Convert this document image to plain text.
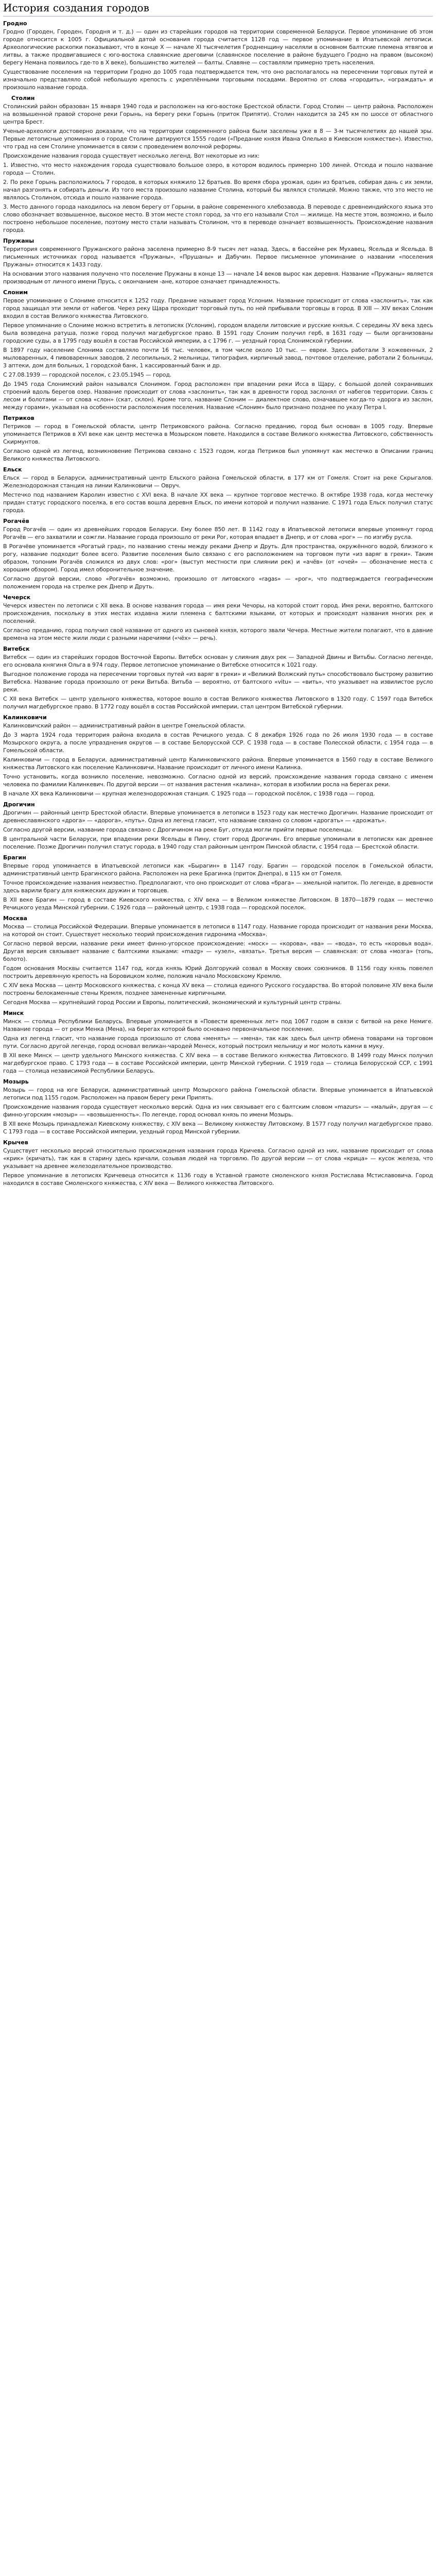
История создания городов
Гродно

Гродно (Городен, Городен, Городня и т. д.) — один из старейших городов на территории современной Беларуси. Первое упоминание об этом городе относится к 1005 г. Официальной датой основания города считается 1128 год — первое упоминание в Ипатьевской летописи. Археологические раскопки показывают, что в конце X — начале XI тысячелетия Гродненщину населяли в основном балтские племена ятвягов и литвы, а также продвигавшиеся с юго-востока славянские дреговичи (славянское поселение в районе будущего Гродно на правом (высоком) берегу Немана появилось где-то в X веке), большинство жителей — балты. Славяне — составляли примерно треть населения.

Существование поселения на территории Гродно до 1005 года подтверждается тем, что оно располагалось на пересечении торговых путей и изначально представляло собой небольшую крепость с укреплёнными торговыми посадами. Вероятно от слова «городить», «ограждать» и произошло название города.

Столин

Столинский район образован 15 января 1940 года и расположен на юго-востоке Брестской области. Город Столин — центр района. Расположен на возвышенной правой стороне реки Горынь, на берегу реки Горынь (приток Припяти). Столин находится за 245 км по шоссе от областного центра Брест.

Ученые-археологи достоверно доказали, что на территории современного района были заселены уже в 8 — 3-м тысячелетиях до нашей эры. Первые летописные упоминания о городе Столине датируются 1555 годом («Предание князя Ивана Олелько в Киевском княжестве»). Известно, что град на сем Столине упоминается в связи с проведением волочной реформы.

Происхождение названия города существует несколько легенд. Вот некоторые из них:

1. Известно, что место нахождения города существовало большое озеро, в котором водилось примерно 100 линей. Отсюда и пошло название города — Столин.

2. По реке Горынь расположилось 7 городов, в которых княжило 12 братьев. Во время сбора урожая, один из братьев, собирая дань с их земли, начал разгонять и собирать деньги. Из того места произошло название Столина, который бы являлся столицей. Можно также, что это место не являлось Столином, отсюда и пошло название города.

3. Место данного города находилось на левом берегу от Горыни, в районе современного хлебозавода. В переводе с древнеиндийского языка это слово обозначает возвышенное, высокое место. В этом месте стоял город, за что его называли Стол — жилище. На месте этом, возможно, и было построено небольшое поселение, поэтому место стали называть Столином, что в переводе означает возвышенность. Происхождение названия города.

Пружаны

Территория современного Пружанского района заселена примерно 8-9 тысяч лет назад. Здесь, в бассейне рек Мухавец, Ясельда и Ясельда. В письменных источниках город называется «Пружаны», «Прушаны» и Дабучин. Первое письменное упоминание о названии «поселения Пружаны» относится к 1433 году.

На основании этого названия получено что поселение Пружаны в конце 13 — начале 14 веков вырос как деревня. Название «Пружаны» является производным от личного имени Прусь, с окончанием -ане, которое означает принадлежность.

Слоним

Первое упоминание о Слониме относится к 1252 году. Предание называет город Услоним. Название происходит от слова «заслонить», так как город защищал эти земли от набегов. Через реку Щара проходит торговый путь, по ней прибывали торговцы в город. В XIII — XIV веках Слоним входил в состав Великого княжества Литовского.

Первое упоминание о Слониме можно встретить в летописях (Услоним), городом владели литовские и русские князья. С середины XV века здесь была возведена ратуша, позже город получил магдебургское право. В 1591 году Слоним получил герб, в 1631 году — были организованы городские суды, а в 1795 году вошёл в состав Российской империи, а с 1796 г. — уездный город Слонимской губернии.

В 1897 году население Слонима составляло почти 16 тыс. человек, в том числе около 10 тыс. — евреи. Здесь работали 3 кожевенных, 2 мыловаренных, 4 пивоваренных заводов, 2 лесопильных, 2 мельницы, типография, кирпичный завод, почтовое отделение, работали 2 больницы, 3 аптеки, дом для больных, 1 городской банк, 1 кассированный банк и др.

С 27.08.1939 — городской поселок, с 23.05.1945 — город.

До 1945 года Слонимский район назывался Слонимом. Город расположен при впадении реки Исса в Щару, с большой долей сохранивших строений вдоль берегов озер. Название происходит от слова «заслонить», так как в древности город заслонял от набегов территории. Связь с лесом и болотами — от слова «слон» (скат, склон). Кроме того, название Слоним — диалектное слово, означавшее когда-то «дорога из заслон, между горами», указывая на особенности расположения поселения. Название «Слоним» было признано позднее по указу Петра I.

Петриков

Петриков — город в Гомельской области, центр Петриковского района. Согласно преданию, город был основан в 1005 году. Впервые упоминается Петриков в XVI веке как центр местечка в Мозырском повете. Находился в составе Великого княжества Литовского, собственность Скирмунтов.

Согласно одной из легенд, возникновение Петрикова связано с 1523 годом, когда Петриков был упомянут как местечко в Описании границ Великого княжества Литовского.

Ельск

Ельск — город в Беларуси, административный центр Ельского района Гомельской области, в 177 км от Гомеля. Стоит на реке Скрыгалов. Железнодорожная станция на линии Калинковичи — Овруч.

Местечко под названием Каролин известно с XVI века. В начале XX века — крупное торговое местечко. В октябре 1938 года, когда местечку придан статус городского поселка, в его состав вошла деревня Ельск, по имени которой и получил название. С 1971 года Ельск получил статус города.

Рогачёв

Город Рогачёв — один из древнейших городов Беларуси. Ему более 850 лет. В 1142 году в Ипатьевской летописи впервые упомянут город Рогачёв — его захватили и сожгли. Название города произошло от реки Рог, которая впадает в Днепр, и от слова «рог» — по изгибу русла.

В Рогачёве упоминается «Рогатый град», по названию стены между реками Днепр и Друть. Для пространства, окружённого водой, близкого к рогу, название подходит более всего. Развитие поселения было связано с его расположением на торговом пути «из варяг в греки». Таким образом, топоним Рогачёв сложился из двух слов: «рог» (выступ местности при слиянии рек) и «ачёв» (от «очей» — обозначение места с хорошим обзором). Город имел оборонительное значение.

Согласно другой версии, слово «Рогачёв» возможно, произошло от литовского «ragas» — «рог», что подтверждается географическим положением города на стрелке рек Днепр и Друть.

Чечерск

Чечерск известен по летописи с XII века. В основе названия города — имя реки Чечоры, на которой стоит город. Имя реки, вероятно, балтского происхождения, поскольку в этих местах издавна жили племена с балтскими языками, от которых и происходят названия многих рек и поселений.

Согласно преданию, город получил своё название от одного из сыновей князя, которого звали Чечера. Местные жители полагают, что в давние времена на этом месте жили люди с разными наречиями («чёх» — речь).

Витебск

Витебск — один из старейших городов Восточной Европы. Витебск основан у слияния двух рек — Западной Двины и Витьбы. Согласно легенде, его основала княгиня Ольга в 974 году. Первое летописное упоминание о Витебске относится к 1021 году.

Выгодное положение города на пересечении торговых путей «из варяг в греки» и «Великий Волжский путь» способствовало быстрому развитию Витебска. Название города произошло от реки Витьба. Витьба — вероятно, от балтского «vitu» — «вить», что указывает на извилистое русло реки.

С XII века Витебск — центр удельного княжества, которое вошло в состав Великого княжества Литовского в 1320 году. С 1597 года Витебск получил магдебургское право. В 1772 году вошёл в состав Российской империи, стал центром Витебской губернии.

Калинковичи

Калинковичский район — административный район в центре Гомельской области.

До 3 марта 1924 года территория района входила в состав Речицкого уезда. С 8 декабря 1926 года по 26 июля 1930 года — в составе Мозырского округа, а после упразднения округов — в составе Белорусской ССР. С 1938 года — в составе Полесской области, с 1954 года — в Гомельской области.

Калинковичи — город в Беларуси, административный центр Калинковичского района. Впервые упоминается в 1560 году в составе Великого княжества Литовского как поселение Калинковичи. Название происходит от личного имени Калинка.

Точно установить, когда возникло поселение, невозможно. Согласно одной из версий, происхождение названия города связано с именем человека по фамилии Калинкевич. По другой версии — от названия растения «калина», которая в изобилии росла на берегах реки.

В начале XX века Калинковичи — крупная железнодорожная станция. С 1925 года — городской посёлок, с 1938 года — город.

Дрогичин

Дрогичин — районный центр Брестской области. Впервые упоминается в летописи в 1523 году как местечко Дрогичин. Название происходит от древнеславянского «дрога» — «дорога», «путь». Одна из легенд гласит, что название связано со словом «дрогать» — «дрожать».

Согласно другой версии, название города связано с Дрогичином на реке Буг, откуда могли прийти первые поселенцы.

В центральной части Беларуси, при впадении реки Ясельды в Пину, стоит город Дрогичин. Его впервые упоминали в летописях как древнее поселение. Позже Дрогичин получил статус города, в 1940 году стал районным центром Пинской области, с 1954 года — Брестской области.

Брагин

Впервые город упоминается в Ипатьевской летописи как «Бырагин» в 1147 году. Брагин — городской поселок в Гомельской области, административный центр Брагинского района. Расположен на реке Брагинка (приток Днепра), в 115 км от Гомеля.

Точное происхождение названия неизвестно. Предполагают, что оно происходит от слова «брага» — хмельной напиток. По легенде, в древности здесь варили брагу для княжеских дружин и торговцев.

В XII веке Брагин — город в составе Киевского княжества, с XIV века — в Великом княжестве Литовском. В 1870—1879 годах — местечко Речицкого уезда Минской губернии. С 1926 года — районный центр, с 1938 года — городской поселок.

Москва

Москва — столица Российской Федерации. Впервые упоминается в летописи в 1147 году. Название города происходит от названия реки Москва, на которой он стоит. Существует несколько теорий происхождения гидронима «Москва».

Согласно первой версии, название реки имеет финно-угорское происхождение: «моск» — «корова», «ва» — «вода», то есть «коровья вода». Другая версия связывает название с балтскими языками: «mazg» — «узел», «вязать». Третья версия — славянская: от слова «мозга» (топь, болото).

Годом основания Москвы считается 1147 год, когда князь Юрий Долгорукий созвал в Москву своих союзников. В 1156 году князь повелел построить деревянную крепость на Боровицком холме, положив начало Московскому Кремлю.

С XIV века Москва — центр Московского княжества, с конца XV века — столица единого Русского государства. Во второй половине XIV века были построены белокаменные стены Кремля, позднее замененные кирпичными.

Сегодня Москва — крупнейший город России и Европы, политический, экономический и культурный центр страны.

Минск

Минск — столица Республики Беларусь. Впервые упоминается в «Повести временных лет» под 1067 годом в связи с битвой на реке Немиге. Название города — от реки Менка (Мена), на берегах которой было основано первоначальное поселение.

Одна из легенд гласит, что название города произошло от слова «менять» — «мена», так как здесь был центр обмена товарами на торговом пути. Согласно другой легенде, город основал великан-чародей Менеск, который построил мельницу и мог молоть камни в муку.

В XII веке Минск — центр удельного Минского княжества. С XIV века — в составе Великого княжества Литовского. В 1499 году Минск получил магдебургское право. С 1793 года — в составе Российской империи, центр Минской губернии. С 1919 года — столица Белорусской ССР, с 1991 года — столица независимой Республики Беларусь.

Мозырь

Мозырь — город на юге Беларуси, административный центр Мозырского района Гомельской области. Впервые упоминается в Ипатьевской летописи под 1155 годом. Расположен на правом берегу реки Припять.

Происхождение названия города существует несколько версий. Одна из них связывает его с балтским словом «mazurs» — «малый», другая — с финно-угорским «мозыр» — «возвышенность». По легенде, город основал князь по имени Мозырь.

В XII веке Мозырь принадлежал Киевскому княжеству, с XIV века — Великому княжеству Литовскому. В 1577 году получил магдебургское право. С 1793 года — в составе Российской империи, уездный город Минской губернии.

Крычев

Существует несколько версий относительно происхождения названия города Кричева. Согласно одной из них, название происходит от слова «крик» (кричать), так как в старину здесь кричали, созывая людей на торговлю. По другой версии — от слова «крица» — кусок железа, что указывает на древнее железоделательное производство.

Первое упоминание в летописях Кричевеца относится к 1136 году в Уставной грамоте смоленского князя Ростислава Мстиславовича. Город находился в составе Смоленского княжества, с XIV века — Великого княжества Литовского.
